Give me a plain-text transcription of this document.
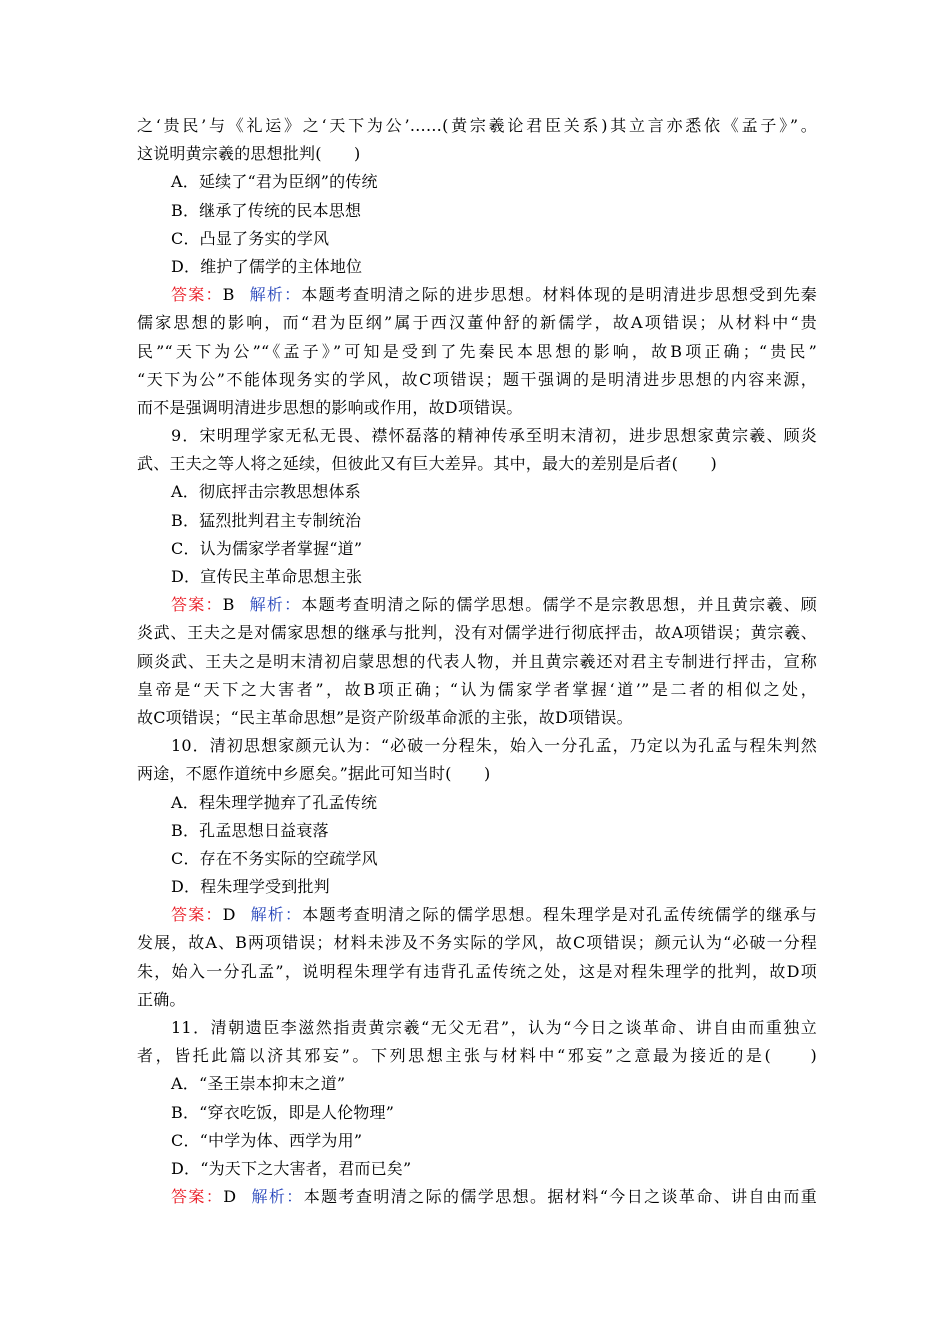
之‘贵民’与《礼运》之‘天下为公’……(黄宗羲论君臣关系)其立言亦悉依《孟子》”。
这说明黄宗羲的思想批判(　　)
A．延续了“君为臣纲”的传统
B．继承了传统的民本思想
C．凸显了务实的学风
D．维护了儒学的主体地位
答案：B 解析：本题考查明清之际的进步思想。材料体现的是明清进步思想受到先秦
儒家思想的影响，而“君为臣纲”属于西汉董仲舒的新儒学，故A项错误；从材料中“贵
民”“天下为公”“《孟子》”可知是受到了先秦民本思想的影响，故B项正确；“贵民”
“天下为公”不能体现务实的学风，故C项错误；题干强调的是明清进步思想的内容来源，
而不是强调明清进步思想的影响或作用，故D项错误。
9．宋明理学家无私无畏、襟怀磊落的精神传承至明末清初，进步思想家黄宗羲、顾炎
武、王夫之等人将之延续，但彼此又有巨大差异。其中，最大的差别是后者(　　)
A．彻底抨击宗教思想体系
B．猛烈批判君主专制统治
C．认为儒家学者掌握“道”
D．宣传民主革命思想主张
答案：B 解析：本题考查明清之际的儒学思想。儒学不是宗教思想，并且黄宗羲、顾
炎武、王夫之是对儒家思想的继承与批判，没有对儒学进行彻底抨击，故A项错误；黄宗羲、
顾炎武、王夫之是明末清初启蒙思想的代表人物，并且黄宗羲还对君主专制进行抨击，宣称
皇帝是“天下之大害者”，故B项正确；“认为儒家学者掌握‘道’”是二者的相似之处，
故C项错误；“民主革命思想”是资产阶级革命派的主张，故D项错误。
10．清初思想家颜元认为：“必破一分程朱，始入一分孔孟，乃定以为孔孟与程朱判然
两途，不愿作道统中乡愿矣。”据此可知当时(　　)
A．程朱理学抛弃了孔孟传统
B．孔孟思想日益衰落
C．存在不务实际的空疏学风
D．程朱理学受到批判
答案：D 解析：本题考查明清之际的儒学思想。程朱理学是对孔孟传统儒学的继承与
发展，故A、B两项错误；材料未涉及不务实际的学风，故C项错误；颜元认为“必破一分程
朱，始入一分孔孟”，说明程朱理学有违背孔孟传统之处，这是对程朱理学的批判，故D项
正确。
11．清朝遗臣李滋然指责黄宗羲“无父无君”，认为“今日之谈革命、讲自由而重独立
者，皆托此篇以济其邪妄”。下列思想主张与材料中“邪妄”之意最为接近的是(　　)
A．“圣王崇本抑末之道”
B．“穿衣吃饭，即是人伦物理”
C．“中学为体、西学为用”
D．“为天下之大害者，君而已矣”
答案：D 解析：本题考查明清之际的儒学思想。据材料“今日之谈革命、讲自由而重
